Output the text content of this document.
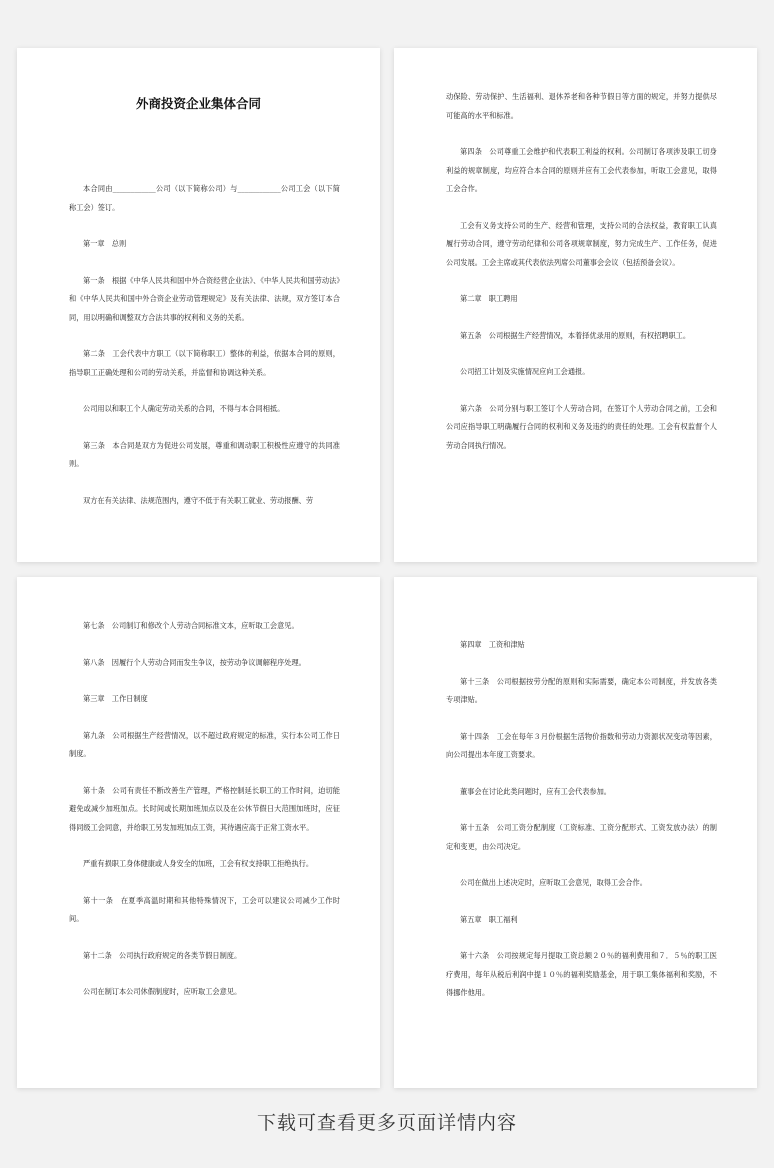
外商投资企业集体合同

本合同由____________公司（以下简称公司）与____________公司工会（以下简称工会）签订。

第一章　总则

第一条　根据《中华人民共和国中外合资经营企业法》、《中华人民共和国劳动法》和《中华人民共和国中外合资企业劳动管理规定》及有关法律、法规，双方签订本合同，用以明确和调整双方合法共事的权利和义务的关系。

第二条　工会代表中方职工（以下简称职工）整体的利益，依据本合同的原则，指导职工正确处理和公司的劳动关系，并监督和协调这种关系。

公司用以和职工个人确定劳动关系的合同，不得与本合同相抵。

第三条　本合同是双方为促进公司发展，尊重和调动职工积极性应遵守的共同准则。

双方在有关法律、法规范围内，遵守不低于有关职工就业、劳动报酬、劳

动保险、劳动保护、生活福利、退休养老和各种节假日等方面的规定，并努力提供尽可能高的水平和标准。

第四条　公司尊重工会维护和代表职工利益的权利。公司制订各项涉及职工切身利益的规章制度，均应符合本合同的原则并应有工会代表参加，听取工会意见，取得工会合作。

工会有义务支持公司的生产、经营和管理，支持公司的合法权益，教育职工认真履行劳动合同，遵守劳动纪律和公司各项规章制度，努力完成生产、工作任务，促进公司发展。工会主席或其代表依法列席公司董事会会议（包括预备会议）。

第二章　职工聘用

第五条　公司根据生产经营情况，本着择优录用的原则，有权招聘职工。

公司招工计划及实施情况应向工会通报。

第六条　公司分别与职工签订个人劳动合同，在签订个人劳动合同之前，工会和公司应指导职工明确履行合同的权利和义务及违约的责任的处理。工会有权监督个人劳动合同执行情况。

第七条　公司制订和修改个人劳动合同标准文本，应听取工会意见。

第八条　因履行个人劳动合同而发生争议，按劳动争议调解程序处理。

第三章　工作日制度

第九条　公司根据生产经营情况，以不超过政府规定的标准，实行本公司工作日制度。

第十条　公司有责任不断改善生产管理，严格控制延长职工的工作时间，迫切能避免或减少加班加点。长时间或长期加班加点以及在公休节假日大范围加班时，应征得同级工会同意，并给职工另发加班加点工资，其待遇应高于正常工资水平。

严重有损职工身体健康或人身安全的加班，工会有权支持职工拒绝执行。

第十一条　在夏季高温时期和其他特殊情况下，工会可以建议公司减少工作时间。

第十二条　公司执行政府规定的各类节假日制度。

公司在制订本公司休假制度时，应听取工会意见。

第四章　工资和津贴

第十三条　公司根据按劳分配的原则和实际需要，确定本公司制度，并发放各类专项津贴。

第十四条　工会在每年３月份根据生活物价指数和劳动力资源状况变动等因素，向公司提出本年度工资要求。

董事会在讨论此类问题时，应有工会代表参加。

第十五条　公司工资分配制度（工资标准、工资分配形式、工资发放办法）的制定和变更，由公司决定。

公司在做出上述决定时，应听取工会意见，取得工会合作。

第五章　职工福利

第十六条　公司按规定每月提取工资总额２０％的福利费用和７．５％的职工医疗费用，每年从税后利润中提１０％的福利奖励基金，用于职工集体福利和奖励，不得挪作他用。

下载可查看更多页面详情内容
